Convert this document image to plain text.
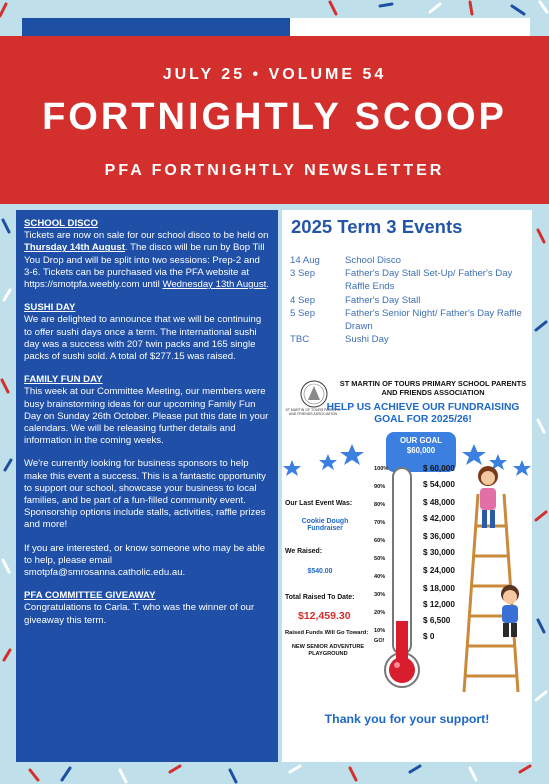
JULY 25 • VOLUME 54
FORTNIGHTLY SCOOP
PFA FORTNIGHTLY NEWSLETTER
SCHOOL DISCO
Tickets are now on sale for our school disco to be held on Thursday 14th August. The disco will be run by Bop Till You Drop and will be split into two sessions: Prep-2 and 3-6. Tickets can be purchased via the PFA website at https://smotpfa.weebly.com until Wednesday 13th August.
SUSHI DAY
We are delighted to announce that we will be continuing to offer sushi days once a term. The international sushi day was a success with 207 twin packs and 165 single packs of sushi sold. A total of $277.15 was raised.
FAMILY FUN DAY
This week at our Committee Meeting, our members were busy brainstorming ideas for our upcoming Family Fun Day on Sunday 26th October. Please put this date in your calendars. We will be releasing further details and information in the coming weeks.
We're currently looking for business sponsors to help make this event a success. This is a fantastic opportunity to support our school, showcase your business to local families, and be part of a fun-filled community event. Sponsorship options include stalls, activities, raffle prizes and more!
If you are interested, or know someone who may be able to help, please email smotpfa@smrosanna.catholic.edu.au.
PFA COMMITTEE GIVEAWAY
Congratulations to Carla. T. who was the winner of our giveaway this term.
2025 Term 3 Events
14 Aug	School Disco
3 Sep	Father's Day Stall Set-Up/ Father's Day Raffle Ends
4 Sep	Father's Day Stall
5 Sep	Father's Senior Night/ Father's Day Raffle Drawn
TBC	Sushi Day
ST MARTIN OF TOURS PARENTS AND FRIENDS ASSOCIATION
ST MARTIN OF TOURS PRIMARY SCHOOL PARENTS AND FRIENDS ASSOCIATION
HELP US ACHIEVE OUR FUNDRAISING GOAL FOR 2025/26!
OUR GOAL
$60,000
Our Last Event Was:
Cookie Dough Fundraiser
We Raised:
$540.00
Total Raised To Date:
$12,459.30
Raised Funds Will Go Toward:
NEW SENIOR ADVENTURE PLAYGROUND
100%
90%
80%
70%
60%
50%
40%
30%
20%
10%
GO!
$ 60,000
$ 54,000
$ 48,000
$ 42,000
$ 36,000
$ 30,000
$ 24,000
$ 18,000
$ 12,000
$ 6,500
$ 0
Thank you for your support!
